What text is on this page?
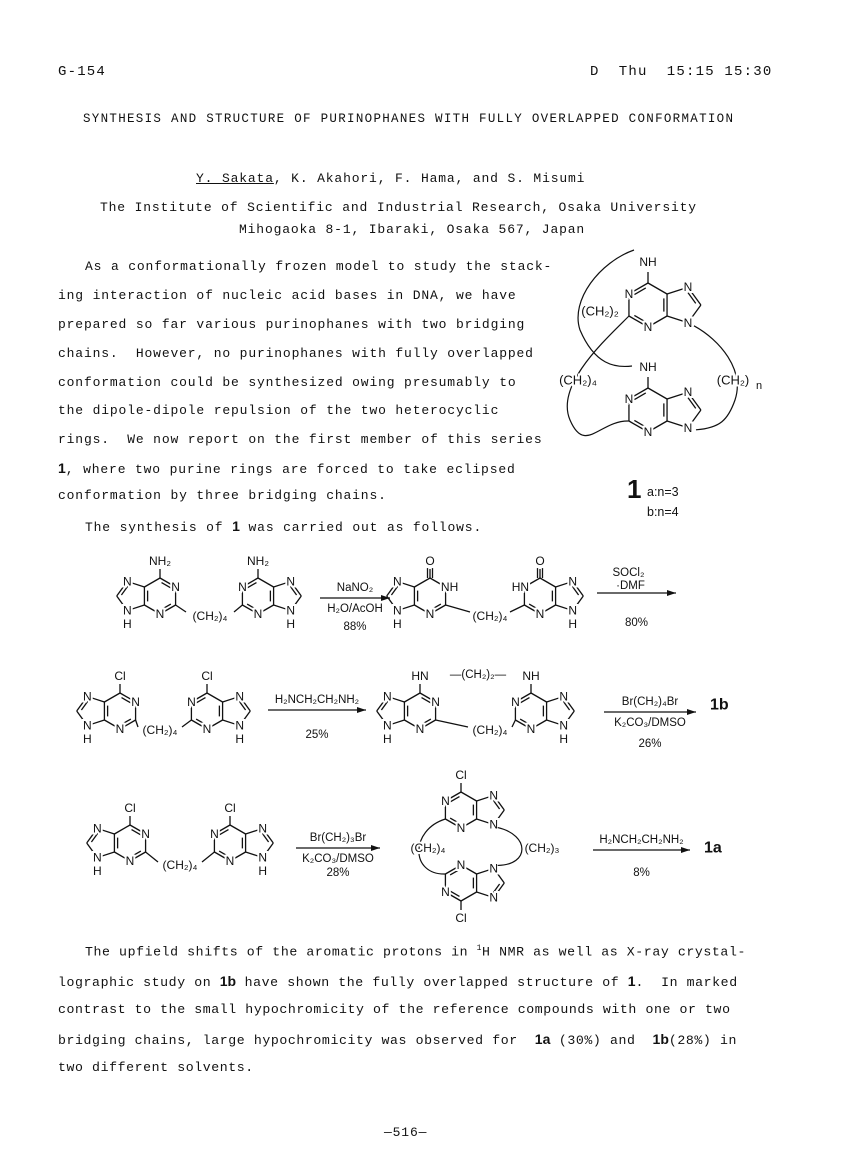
G-154	D  Thu  15:15 15:30
SYNTHESIS AND STRUCTURE OF PURINOPHANES WITH FULLY OVERLAPPED CONFORMATION
Y. Sakata, K. Akahori, F. Hama, and S. Misumi
The Institute of Scientific and Industrial Research, Osaka University
Mihogaoka 8-1, Ibaraki, Osaka 567, Japan
As a conformationally frozen model to study the stack-
ing interaction of nucleic acid bases in DNA, we have
prepared so far various purinophanes with two bridging
chains.  However, no purinophanes with fully overlapped
conformation could be synthesized owing presumably to
the dipole-dipole repulsion of the two heterocyclic
rings.  We now report on the first member of this series
1, where two purine rings are forced to take eclipsed
conformation by three bridging chains.
The synthesis of 1 was carried out as follows.
The upfield shifts of the aromatic protons in $^1$H NMR as well as X-ray crystal-
lographic study on 1b have shown the fully overlapped structure of 1.  In marked
contrast to the small hypochromicity of the reference compounds with one or two
bridging chains, large hypochromicity was observed for  1a (30%) and  1b(28%) in
two different solvents.
—516—
NH
N
N
N
N
NH
N
N
N
N
(CH₂)₂
(CH₂)₄	(CH₂) n
1 a:n=3
b:n=4
NH₂
N
N
N
N
H
NH₂
N
N
N
N
H
(CH₂)₄
NaNO₂
H₂O/AcOH
88%
O
NH
N
N
N
H
O
HN
N
N
N
H
(CH₂)₄
SOCl₂
·DMF
80%
Cl
N
N
N
N
H
Cl
N
N
N
N
H
(CH₂)₄
H₂NCH₂CH₂NH₂
25%
HN
N
N
N
N
H
NH
N
N
N
N
H
—(CH₂)₂—
(CH₂)₄
Br(CH₂)₄Br
K₂CO₃/DMSO
26%
1b
Cl
N
N
N
N
H
Cl
N
N
N
N
H
(CH₂)₄
Br(CH₂)₃Br
K₂CO₃/DMSO
28%
Cl
N
N
N
N
Cl
N
N
N
N
(CH₂)₄	(CH₂)₃
H₂NCH₂CH₂NH₂
8%
1a
